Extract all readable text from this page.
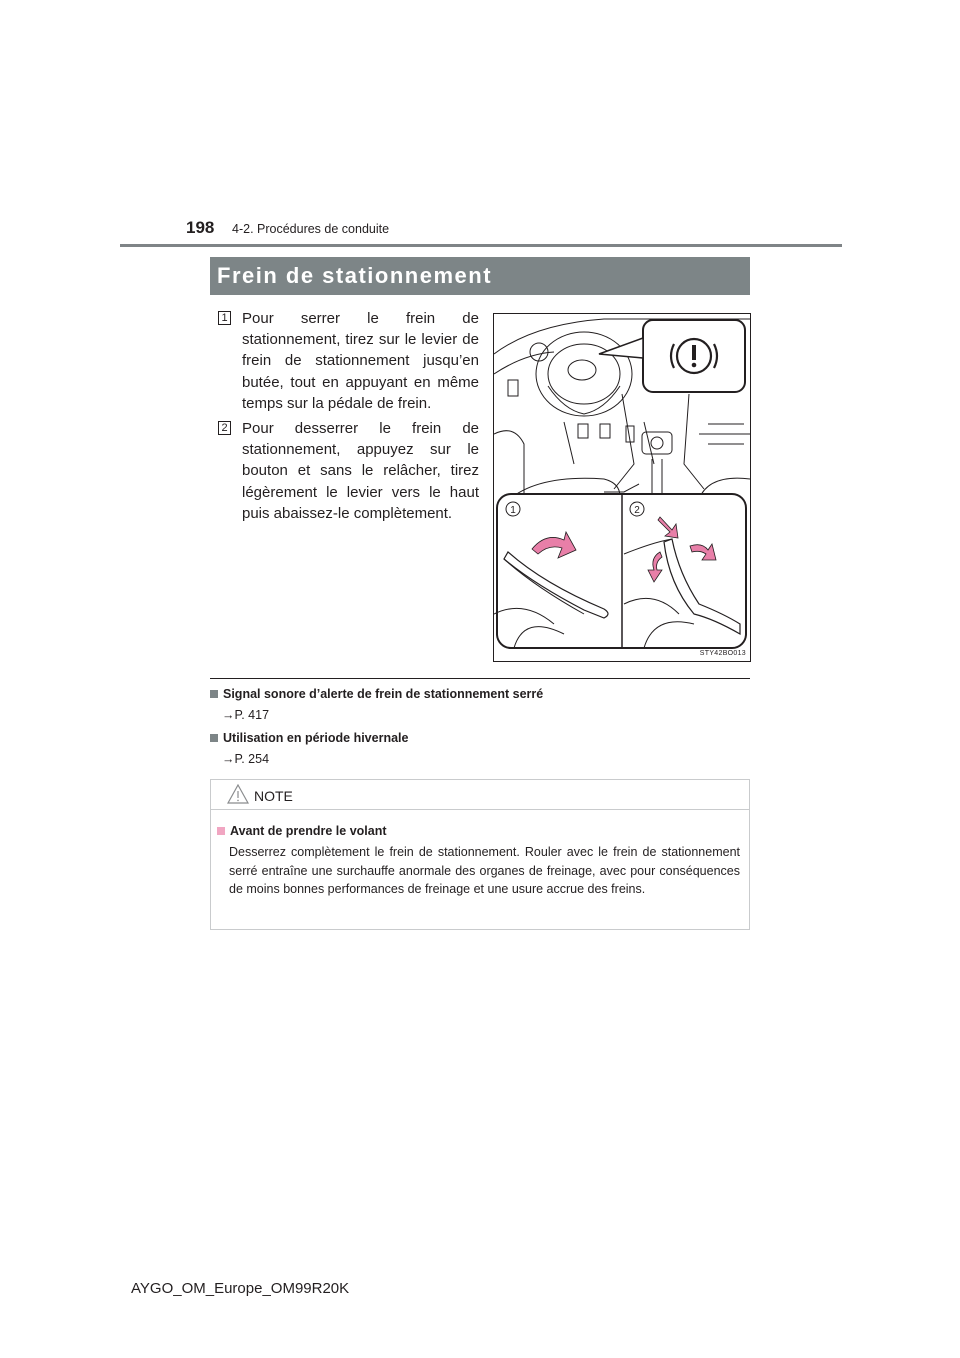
198 4-2. Procédures de conduite
Frein de stationnement
1 Pour serrer le frein de stationnement, tirez sur le levier de frein de stationnement jusqu’en butée, tout en appuyant en même temps sur la pédale de frein.
2 Pour desserrer le frein de stationnement, appuyez sur le bouton et sans le relâcher, tirez légèrement le levier vers le haut puis abaissez-le complètement.	1	2
STY42BO013
Signal sonore d’alerte de frein de stationnement serré
→P. 417
Utilisation en période hivernale
→P. 254
NOTE
Avant de prendre le volant
Desserrez complètement le frein de stationnement. Rouler avec le frein de stationnement serré entraîne une surchauffe anormale des organes de freinage, avec pour conséquences de moins bonnes performances de freinage et une usure accrue des freins.
AYGO_OM_Europe_OM99R20K
